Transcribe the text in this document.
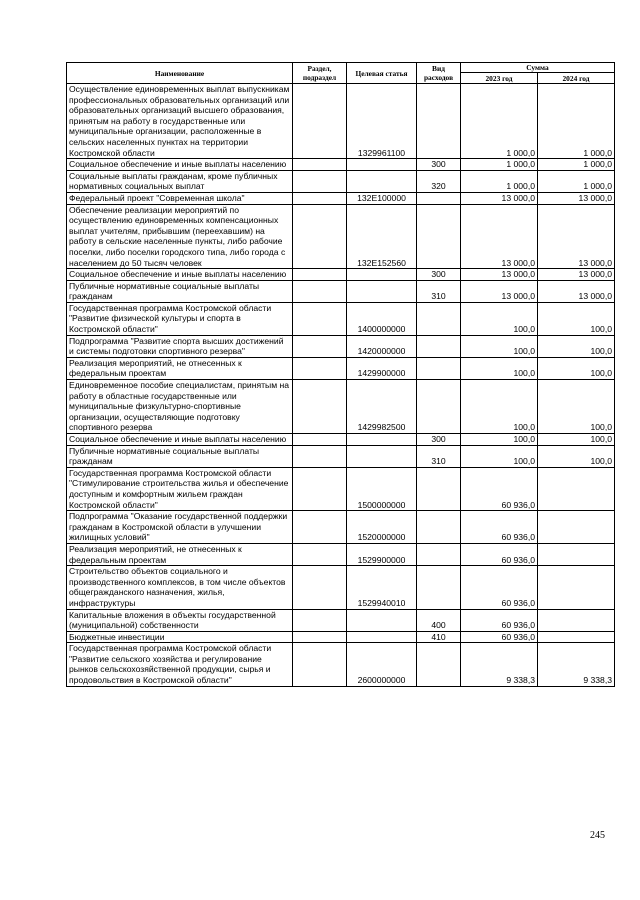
Наименование	Раздел, подраздел	Целевая статья	Вид расходов	Сумма	
				2023 год	2024 год
Осуществление единовременных выплат выпускникам профессиональных образовательных организаций или образовательных организаций высшего образования, принятым на работу в государственные или муниципальные организации, расположенные в сельских населенных пунктах на территории Костромской области		1329961100		1 000,0	1 000,0
Социальное обеспечение и иные выплаты населению			300	1 000,0	1 000,0
Социальные выплаты гражданам, кроме публичных нормативных социальных выплат			320	1 000,0	1 000,0
Федеральный проект "Современная школа"		132E100000		13 000,0	13 000,0
Обеспечение реализации мероприятий по осуществлению единовременных компенсационных выплат учителям, прибывшим (переехавшим) на работу в сельские населенные пункты, либо рабочие поселки, либо поселки городского типа, либо города с населением до 50 тысяч человек		132E152560		13 000,0	13 000,0
Социальное обеспечение и иные выплаты населению			300	13 000,0	13 000,0
Публичные нормативные социальные выплаты гражданам			310	13 000,0	13 000,0
Государственная программа Костромской области "Развитие физической культуры и спорта в Костромской области"		1400000000		100,0	100,0
Подпрограмма "Развитие спорта высших достижений и системы подготовки спортивного резерва"		1420000000		100,0	100,0
Реализация мероприятий, не отнесенных к федеральным проектам		1429900000		100,0	100,0
Единовременное пособие специалистам, принятым на работу в областные государственные или муниципальные физкультурно-спортивные организации, осуществляющие подготовку спортивного резерва		1429982500		100,0	100,0
Социальное обеспечение и иные выплаты населению			300	100,0	100,0
Публичные нормативные социальные выплаты гражданам			310	100,0	100,0
Государственная программа Костромской области "Стимулирование строительства жилья и обеспечение доступным и комфортным жильем граждан Костромской области"		1500000000		60 936,0	
Подпрограмма "Оказание государственной поддержки гражданам в Костромской области в улучшении жилищных условий"		1520000000		60 936,0	
Реализация мероприятий, не отнесенных к федеральным проектам		1529900000		60 936,0	
Строительство объектов социального и производственного комплексов, в том числе объектов общегражданского назначения, жилья, инфраструктуры		1529940010		60 936,0	
Капитальные вложения в объекты государственной (муниципальной) собственности			400	60 936,0	
Бюджетные инвестиции			410	60 936,0	
Государственная программа Костромской области "Развитие сельского хозяйства и регулирование рынков сельскохозяйственной продукции, сырья и продовольствия в Костромской области"		2600000000		9 338,3	9 338,3
245
